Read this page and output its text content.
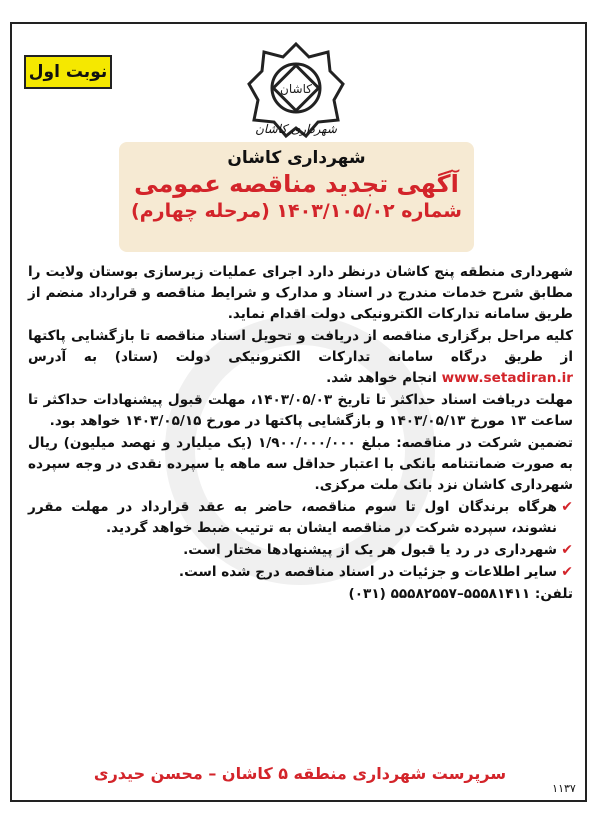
نوبت اول
کاشان
شهرداری کاشان
شهرداری کاشان
آگهی تجدید مناقصه عمومی
شماره ۱۴۰۳/۱۰۵/۰۲ (مرحله چهارم)

شهرداری منطقه پنج کاشان درنظر دارد اجرای عملیات زیرسازی بوستان ولایت را مطابق شرح خدمات مندرج در اسناد و مدارک و شرایط مناقصه و قرارداد منضم از طریق سامانه تدارکات الکترونیکی دولت اقدام نماید.

کلیه مراحل برگزاری مناقصه از دریافت و تحویل اسناد مناقصه تا بازگشایی پاکتها از طریق درگاه سامانه تدارکات الکترونیکی دولت (ستاد) به آدرس www.setadiran.ir انجام خواهد شد.

مهلت دریافت اسناد حداکثر تا تاریخ ۱۴۰۳/۰۵/۰۳، مهلت قبول پیشنهادات حداکثر تا ساعت ۱۳ مورخ ۱۴۰۳/۰۵/۱۳ و بازگشایی پاکتها در مورخ ۱۴۰۳/۰۵/۱۵ خواهد بود.

تضمین شرکت در مناقصه: مبلغ ۱/۹۰۰/۰۰۰/۰۰۰ (یک میلیارد و نهصد میلیون) ریال به صورت ضمانتنامه بانکی با اعتبار حداقل سه ماهه یا سپرده نقدی در وجه سپرده شهرداری کاشان نزد بانک ملت مرکزی.

✔ هرگاه برندگان اول تا سوم مناقصه، حاضر به عقد قرارداد در مهلت مقرر نشوند، سپرده شرکت در مناقصه ایشان به ترتیب ضبط خواهد گردید.

✔ شهرداری در رد یا قبول هر یک از پیشنهادها مختار است.

✔ سایر اطلاعات و جزئیات در اسناد مناقصه درج شده است.

تلفن: ۵۵۵۸۱۴۱۱–۵۵۵۸۲۵۵۷ (۰۳۱)

سرپرست شهرداری منطقه ۵ کاشان – محسن حیدری
۱۱۳۷
